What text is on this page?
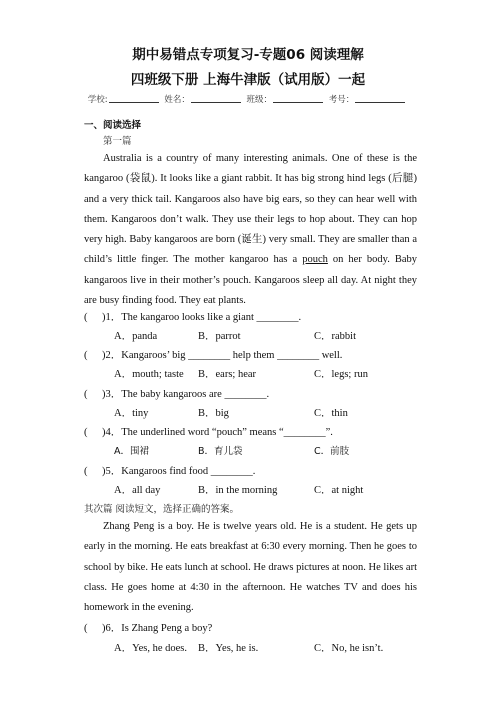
期中易错点专项复习-专题06 阅读理解
四班级下册 上海牛津版（试用版）一起
学校:	姓名：	班级：	考号：
一、阅读选择
第一篇

Australia is a country of many interesting animals. One of these is the kangaroo (袋鼠). It looks like a giant rabbit. It has big strong hind legs (后腿) and a very thick tail. Kangaroos also have big ears, so they can hear well with them. Kangaroos don’t walk. They use their legs to hop about. They can hop very high. Baby kangaroos are born (诞生) very small. They are smaller than a child’s little finger. The mother kangaroo has a pouch on her body. Baby kangaroos live in their mother’s pouch. Kangaroos sleep all day. At night they are busy finding food. They eat plants.

( )1．The kangaroo looks like a giant ________.
A．panda	B．parrot	C．rabbit
( )2．Kangaroos’ big ________ help them ________ well.
A．mouth; taste B．ears; hear	C．legs; run
( )3．The baby kangaroos are ________.
A．tiny	B．big	C．thin
( )4．The underlined word “pouch” means “________”.
A．围裙	B．育儿袋	C．前肢
( )5．Kangaroos find food ________.
A．all day	B．in the morning	C．at night
其次篇 阅读短文，选择正确的答案。

Zhang Peng is a boy. He is twelve years old. He is a student. He gets up early in the morning. He eats breakfast at 6:30 every morning. Then he goes to school by bike. He eats lunch at school. He draws pictures at noon. He likes art class. He goes home at 4:30 in the afternoon. He watches TV and does his homework in the evening.

( )6．Is Zhang Peng a boy?
A．Yes, he does. B．Yes, he is.	C．No, he isn’t.
